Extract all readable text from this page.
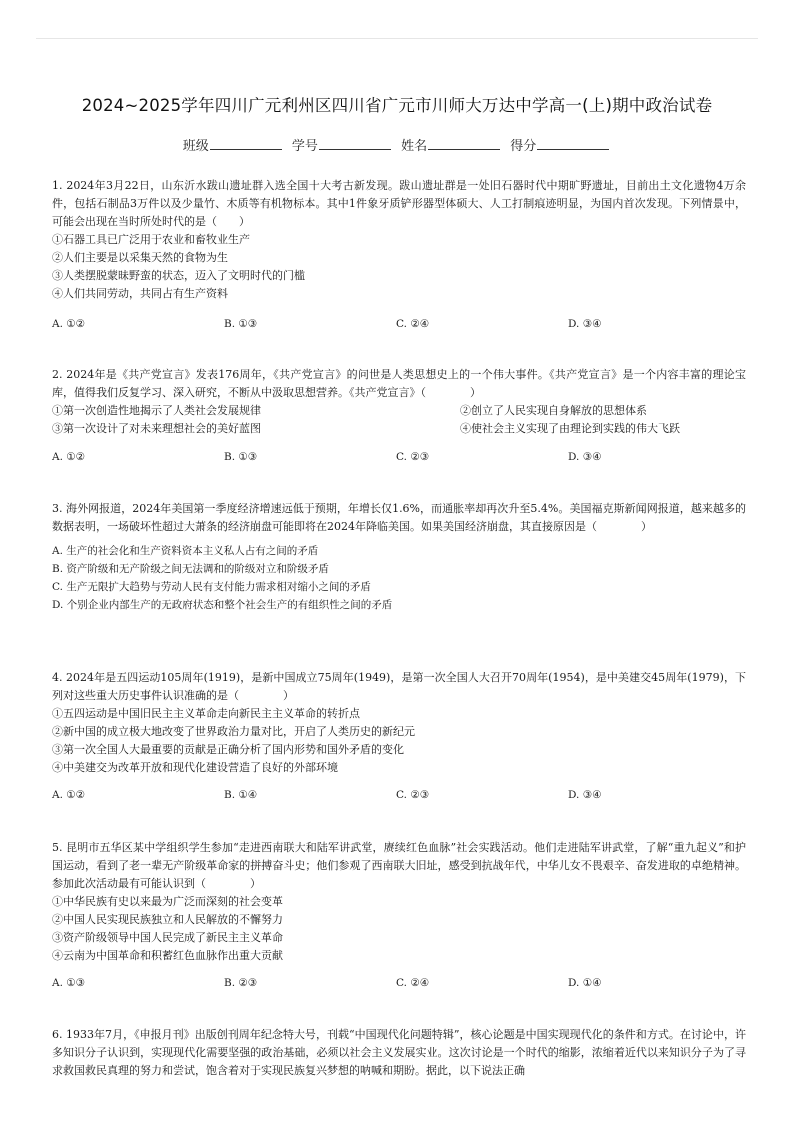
2024~2025学年四川广元利州区四川省广元市川师大万达中学高一(上)期中政治试卷
班级	学号	姓名	得分

1. 2024年3月22日，山东沂水跋山遗址群入选全国十大考古新发现。跋山遗址群是一处旧石器时代中期旷野遗址，目前出土文化遗物4万余件，包括石制品3万件以及少量竹、木质等有机物标本。其中1件象牙质铲形器型体硕大、人工打制痕迹明显，为国内首次发现。下列情景中，可能会出现在当时所处时代的是（　　）

①石器工具已广泛用于农业和畜牧业生产

②人们主要是以采集天然的食物为生

③人类摆脱蒙昧野蛮的状态，迈入了文明时代的门槛

④人们共同劳动，共同占有生产资料

A. ①②	B. ①③	C. ②④	D. ③④

2. 2024年是《共产党宣言》发表176周年，《共产党宣言》的问世是人类思想史上的一个伟大事件。《共产党宣言》是一个内容丰富的理论宝库，值得我们反复学习、深入研究，不断从中汲取思想营养。《共产党宣言》（　　　　）

①第一次创造性地揭示了人类社会发展规律	②创立了人民实现自身解放的思想体系
③第一次设计了对未来理想社会的美好蓝图	④使社会主义实现了由理论到实践的伟大飞跃
A. ①②	B. ①③	C. ②③	D. ③④

3. 海外网报道，2024年美国第一季度经济增速远低于预期，年增长仅1.6%，而通胀率却再次升至5.4%。美国福克斯新闻网报道，越来越多的数据表明，一场破坏性超过大萧条的经济崩盘可能即将在2024年降临美国。如果美国经济崩盘，其直接原因是（　　　　）

A. 生产的社会化和生产资料资本主义私人占有之间的矛盾
B. 资产阶级和无产阶级之间无法调和的阶级对立和阶级矛盾
C. 生产无限扩大趋势与劳动人民有支付能力需求相对缩小之间的矛盾
D. 个别企业内部生产的无政府状态和整个社会生产的有组织性之间的矛盾

4. 2024年是五四运动105周年(1919)，是新中国成立75周年(1949)，是第一次全国人大召开70周年(1954)，是中美建交45周年(1979)，下列对这些重大历史事件认识准确的是（　　　　）

①五四运动是中国旧民主主义革命走向新民主主义革命的转折点

②新中国的成立极大地改变了世界政治力量对比，开启了人类历史的新纪元

③第一次全国人大最重要的贡献是正确分析了国内形势和国外矛盾的变化

④中美建交为改革开放和现代化建设营造了良好的外部环境

A. ①②	B. ①④	C. ②③	D. ③④

5. 昆明市五华区某中学组织学生参加“走进西南联大和陆军讲武堂，赓续红色血脉”社会实践活动。他们走进陆军讲武堂，了解“重九起义”和护国运动，看到了老一辈无产阶级革命家的拼搏奋斗史；他们参观了西南联大旧址，感受到抗战年代，中华儿女不畏艰辛、奋发进取的卓绝精神。参加此次活动最有可能认识到（　　　　）

①中华民族有史以来最为广泛而深刻的社会变革

②中国人民实现民族独立和人民解放的不懈努力

③资产阶级领导中国人民完成了新民主主义革命

④云南为中国革命和积蓄红色血脉作出重大贡献

A. ①③	B. ②③	C. ②④	D. ①④

6. 1933年7月，《申报月刊》出版创刊周年纪念特大号，刊载“中国现代化问题特辑”，核心论题是中国实现现代化的条件和方式。在讨论中，许多知识分子认识到，实现现代化需要坚强的政治基础，必须以社会主义发展实业。这次讨论是一个时代的缩影，浓缩着近代以来知识分子为了寻求救国救民真理的努力和尝试，饱含着对于实现民族复兴梦想的呐喊和期盼。据此，以下说法正确
